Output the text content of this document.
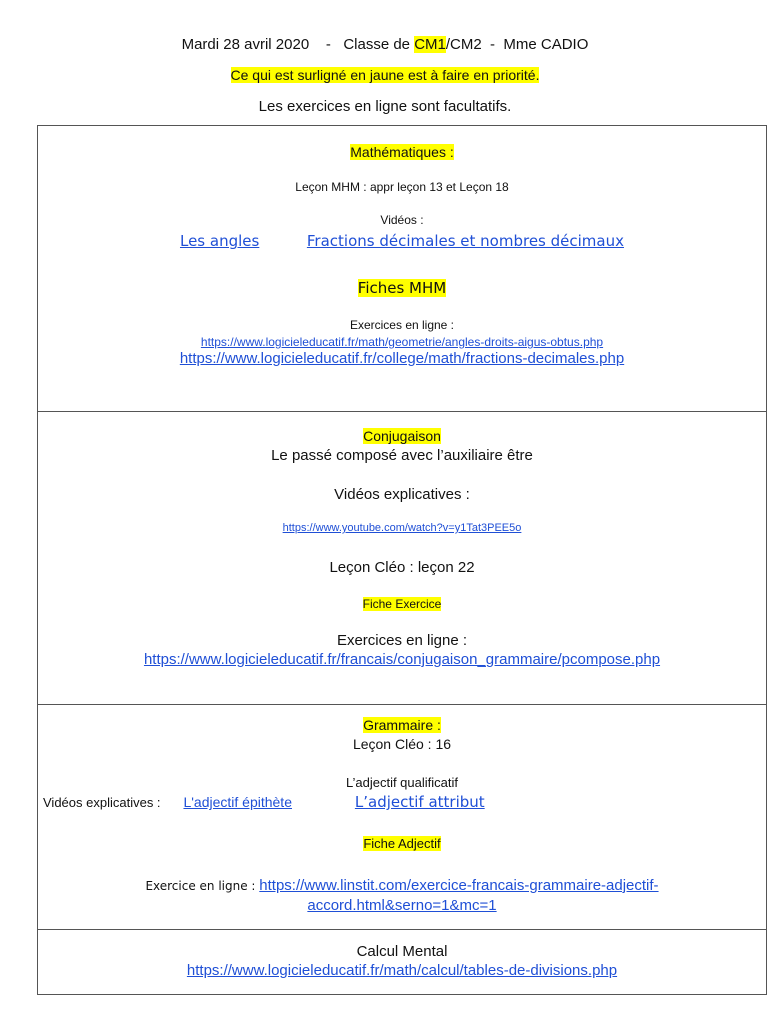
Mardi 28 avril 2020    -   Classe de CM1/CM2  -  Mme CADIO
Ce qui est surligné en jaune est à faire en priorité.
Les exercices en ligne sont facultatifs.
Mathématiques :
Leçon MHM : appr leçon 13 et Leçon 18
Vidéos :
Les angles	Fractions décimales et nombres décimaux
Fiches MHM
Exercices en ligne :
https://www.logicieleducatif.fr/math/geometrie/angles-droits-aigus-obtus.php
https://www.logicieleducatif.fr/college/math/fractions-decimales.php
Conjugaison
Le passé composé avec l’auxiliaire être
Vidéos explicatives :
https://www.youtube.com/watch?v=y1Tat3PEE5o
Leçon Cléo : leçon 22
Fiche Exercice
Exercices en ligne :
https://www.logicieleducatif.fr/francais/conjugaison_grammaire/pcompose.php
Grammaire :
Leçon Cléo : 16
L’adjectif qualificatif
Vidéos explicatives : L'adjectif épithète	L’adjectif attribut
Fiche Adjectif
Exercice en ligne : https://www.linstit.com/exercice-francais-grammaire-adjectif-
accord.html&serno=1&mc=1
Calcul Mental
https://www.logicieleducatif.fr/math/calcul/tables-de-divisions.php
